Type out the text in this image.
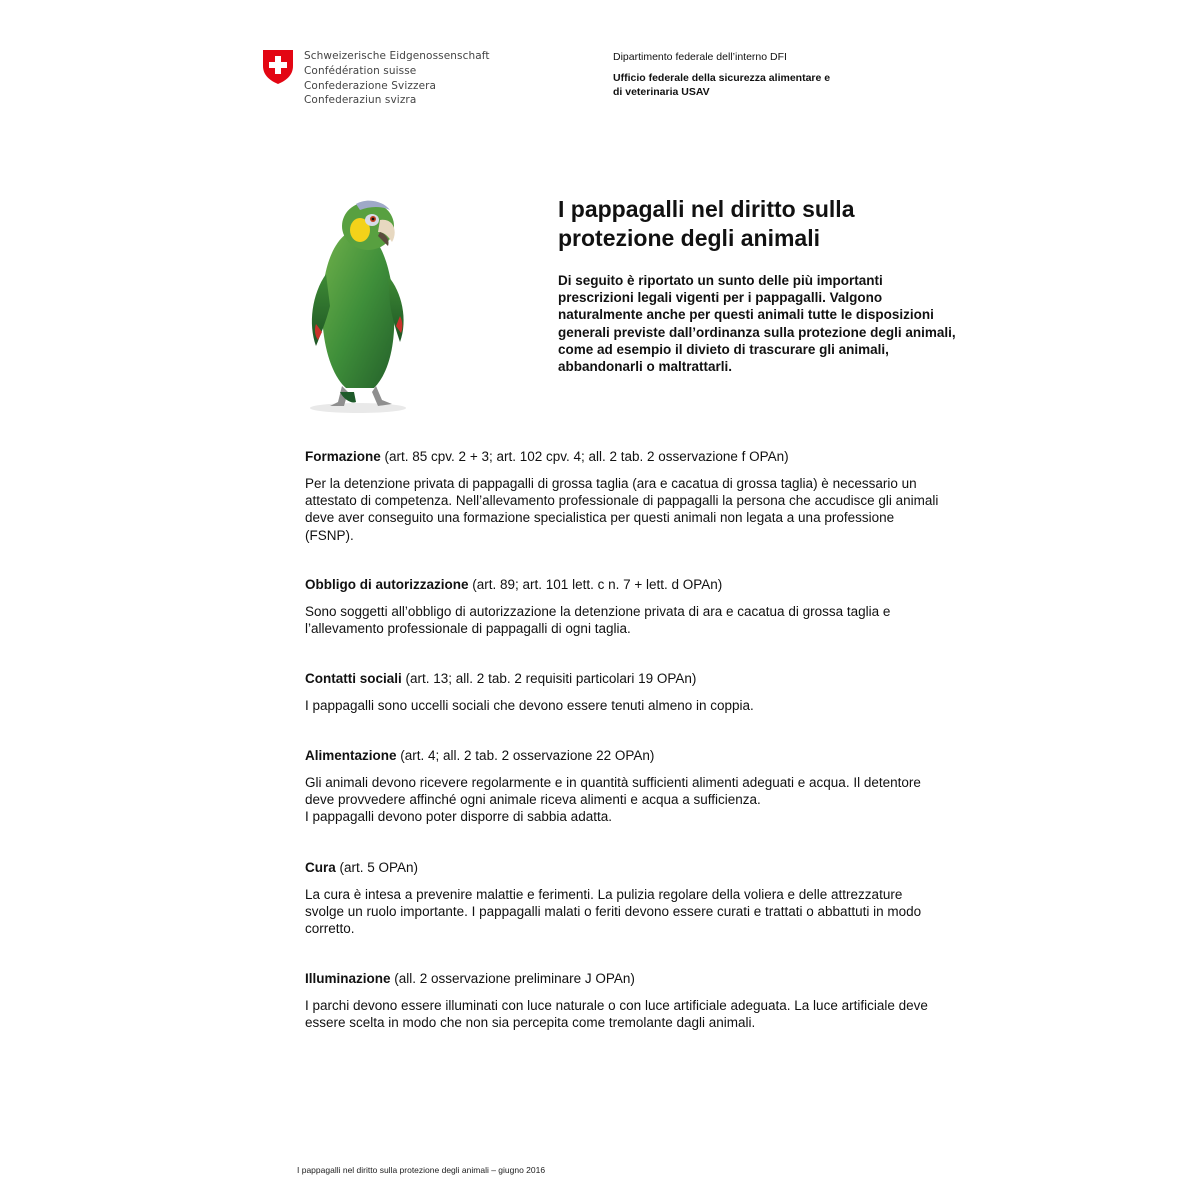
Schweizerische Eidgenossenschaft
Confédération suisse
Confederazione Svizzera
Confederaziun svizra
Dipartimento federale dell’interno DFI
Ufficio federale della sicurezza alimentare e
di veterinaria USAV
I pappagalli nel diritto sulla protezione degli animali

Di seguito è riportato un sunto delle più importanti prescrizioni legali vigenti per i pappagalli. Valgono naturalmente anche per questi animali tutte le disposizioni generali previste dall’ordinanza sulla protezione degli animali, come ad esempio il divieto di trascurare gli animali, abbandonarli o maltrattarli.

Formazione (art. 85 cpv. 2 + 3; art. 102 cpv. 4; all. 2 tab. 2 osservazione f OPAn)

Per la detenzione privata di pappagalli di grossa taglia (ara e cacatua di grossa taglia) è necessario un attestato di competenza. Nell’allevamento professionale di pappagalli la persona che accudisce gli animali deve aver conseguito una formazione specialistica per questi animali non legata a una professione (FSNP).

Obbligo di autorizzazione (art. 89; art. 101 lett. c n. 7 + lett. d OPAn)

Sono soggetti all’obbligo di autorizzazione la detenzione privata di ara e cacatua di grossa taglia e l’allevamento professionale di pappagalli di ogni taglia.

Contatti sociali (art. 13; all. 2 tab. 2 requisiti particolari 19 OPAn)

I pappagalli sono uccelli sociali che devono essere tenuti almeno in coppia.

Alimentazione (art. 4; all. 2 tab. 2 osservazione 22 OPAn)

Gli animali devono ricevere regolarmente e in quantità sufficienti alimenti adeguati e acqua. Il detentore deve provvedere affinché ogni animale riceva alimenti e acqua a sufficienza.
I pappagalli devono poter disporre di sabbia adatta.

Cura (art. 5 OPAn)

La cura è intesa a prevenire malattie e ferimenti. La pulizia regolare della voliera e delle attrezzature svolge un ruolo importante. I pappagalli malati o feriti devono essere curati e trattati o abbattuti in modo corretto.

Illuminazione (all. 2 osservazione preliminare J OPAn)

I parchi devono essere illuminati con luce naturale o con luce artificiale adeguata. La luce artificiale deve essere scelta in modo che non sia percepita come tremolante dagli animali.

I pappagalli nel diritto sulla protezione degli animali – giugno 2016
